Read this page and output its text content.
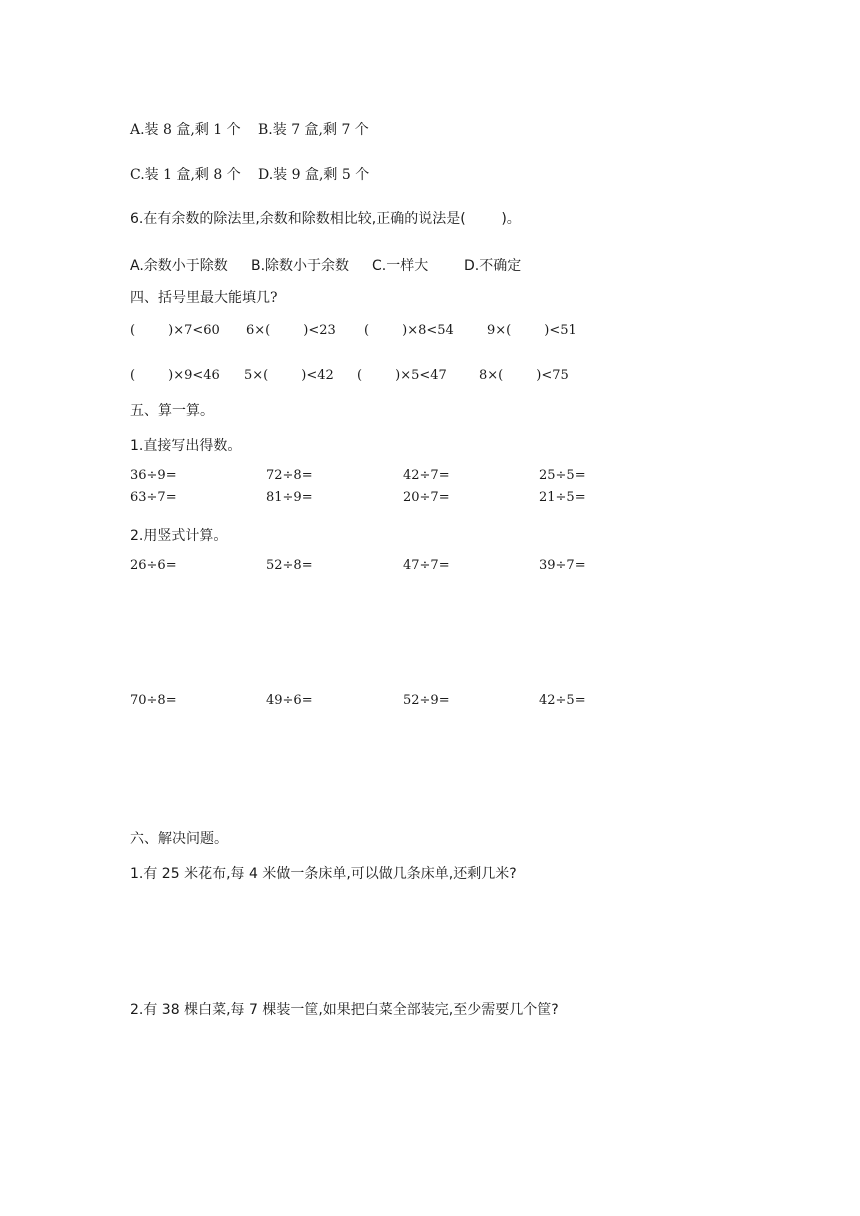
A.装 8 盒,剩 1 个 B.装 7 盒,剩 7 个
C.装 1 盒,剩 8 个 D.装 9 盒,剩 5 个
6.在有余数的除法里,余数和除数相比较,正确的说法是(        )。
A.余数小于除数 B.除数小于余数 C.一样大	D.不确定
四、括号里最大能填几?
(        )×7<60 6×(        )<23 (        )×8<54	9×(        )<51
(        )×9<46 5×(        )<42 (        )×5<47 8×(        )<75
五、算一算。
1.直接写出得数。
36÷9=	72÷8=	42÷7=	25÷5=
63÷7=	81÷9=	20÷7=	21÷5=
2.用竖式计算。
26÷6=	52÷8=	47÷7=	39÷7=
70÷8=	49÷6=	52÷9=	42÷5=
六、解决问题。
1.有 25 米花布,每 4 米做一条床单,可以做几条床单,还剩几米?
2.有 38 棵白菜,每 7 棵装一筐,如果把白菜全部装完,至少需要几个筐?
